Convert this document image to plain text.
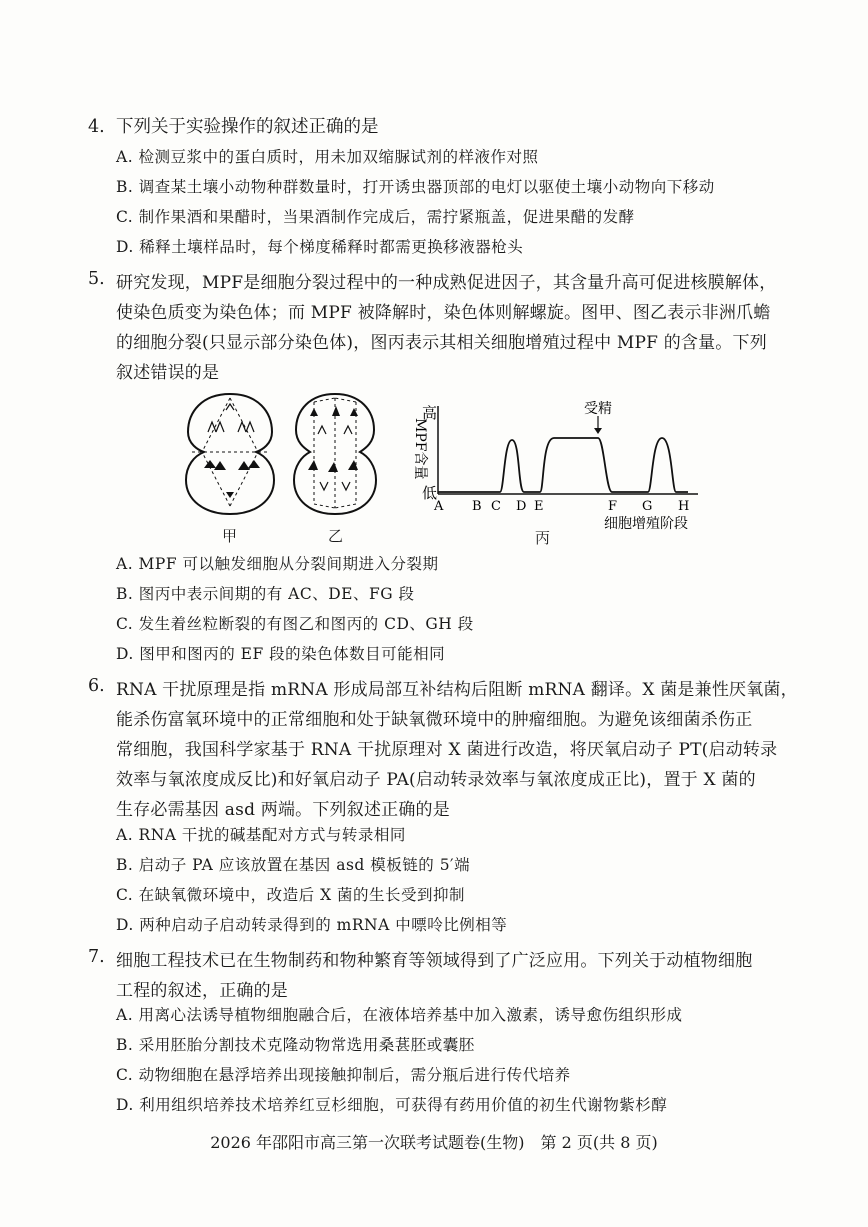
4. 下列关于实验操作的叙述正确的是
A. 检测豆浆中的蛋白质时，用未加双缩脲试剂的样液作对照
B. 调查某土壤小动物种群数量时，打开诱虫器顶部的电灯以驱使土壤小动物向下移动
C. 制作果酒和果醋时，当果酒制作完成后，需拧紧瓶盖，促进果醋的发酵
D. 稀释土壤样品时，每个梯度稀释时都需更换移液器枪头
5. 研究发现，MPF是细胞分裂过程中的一种成熟促进因子，其含量升高可促进核膜解体，
使染色质变为染色体；而 MPF 被降解时，染色体则解螺旋。图甲、图乙表示非洲爪蟾
的细胞分裂(只显示部分染色体)，图丙表示其相关细胞增殖过程中 MPF 的含量。下列
叙述错误的是
甲	乙
高
低
MPF含量
受精
A B C D E	F G H
细胞增殖阶段
丙
A. MPF 可以触发细胞从分裂间期进入分裂期
B. 图丙中表示间期的有 AC、DE、FG 段
C. 发生着丝粒断裂的有图乙和图丙的 CD、GH 段
D. 图甲和图丙的 EF 段的染色体数目可能相同
6. RNA 干扰原理是指 mRNA 形成局部互补结构后阻断 mRNA 翻译。X 菌是兼性厌氧菌，
能杀伤富氧环境中的正常细胞和处于缺氧微环境中的肿瘤细胞。为避免该细菌杀伤正
常细胞，我国科学家基于 RNA 干扰原理对 X 菌进行改造，将厌氧启动子 PT(启动转录
效率与氧浓度成反比)和好氧启动子 PA(启动转录效率与氧浓度成正比)，置于 X 菌的
生存必需基因 asd 两端。下列叙述正确的是
A. RNA 干扰的碱基配对方式与转录相同
B. 启动子 PA 应该放置在基因 asd 模板链的 5′端
C. 在缺氧微环境中，改造后 X 菌的生长受到抑制
D. 两种启动子启动转录得到的 mRNA 中嘌呤比例相等
7. 细胞工程技术已在生物制药和物种繁育等领域得到了广泛应用。下列关于动植物细胞
工程的叙述，正确的是
A. 用离心法诱导植物细胞融合后，在液体培养基中加入激素，诱导愈伤组织形成
B. 采用胚胎分割技术克隆动物常选用桑葚胚或囊胚
C. 动物细胞在悬浮培养出现接触抑制后，需分瓶后进行传代培养
D. 利用组织培养技术培养红豆杉细胞，可获得有药用价值的初生代谢物紫杉醇
2026 年邵阳市高三第一次联考试题卷(生物)　第 2 页(共 8 页)
